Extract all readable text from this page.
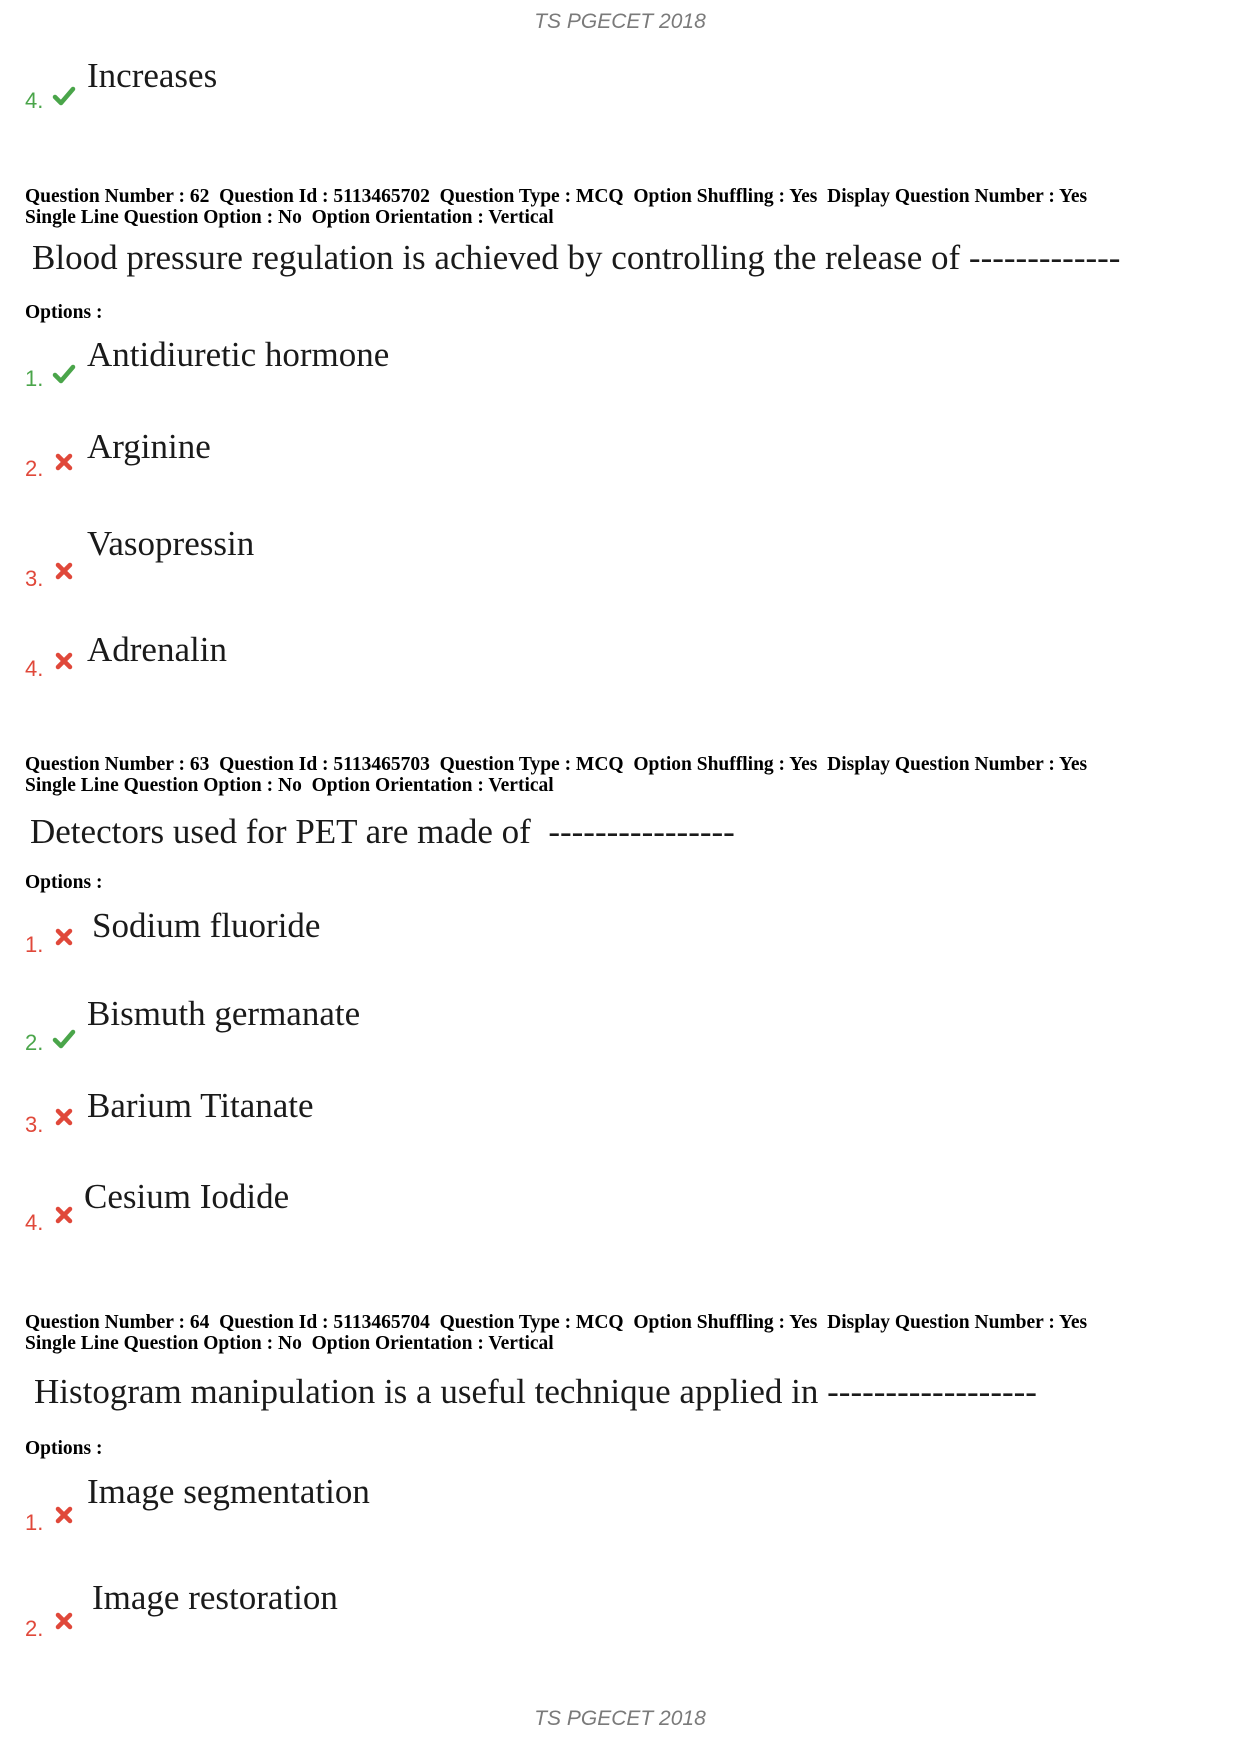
TS PGECET 2018
TS PGECET 2018
4.
Increases
Question Number : 62  Question Id : 5113465702  Question Type : MCQ  Option Shuffling : Yes  Display Question Number : Yes
Single Line Question Option : No  Option Orientation : Vertical
Blood pressure regulation is achieved by controlling the release of -------------
Options :
1.
Antidiuretic hormone
2.
Arginine
3.
Vasopressin
4. Adrenalin
Question Number : 63  Question Id : 5113465703  Question Type : MCQ  Option Shuffling : Yes  Display Question Number : Yes
Single Line Question Option : No  Option Orientation : Vertical
Detectors used for PET are made of  ----------------
Options :
1. Sodium fluoride
2.
Bismuth germanate
3. Barium Titanate
4.
Cesium Iodide
Question Number : 64  Question Id : 5113465704  Question Type : MCQ  Option Shuffling : Yes  Display Question Number : Yes
Single Line Question Option : No  Option Orientation : Vertical
Histogram manipulation is a useful technique applied in ------------------
Options :
1.
Image segmentation
2.
Image restoration
